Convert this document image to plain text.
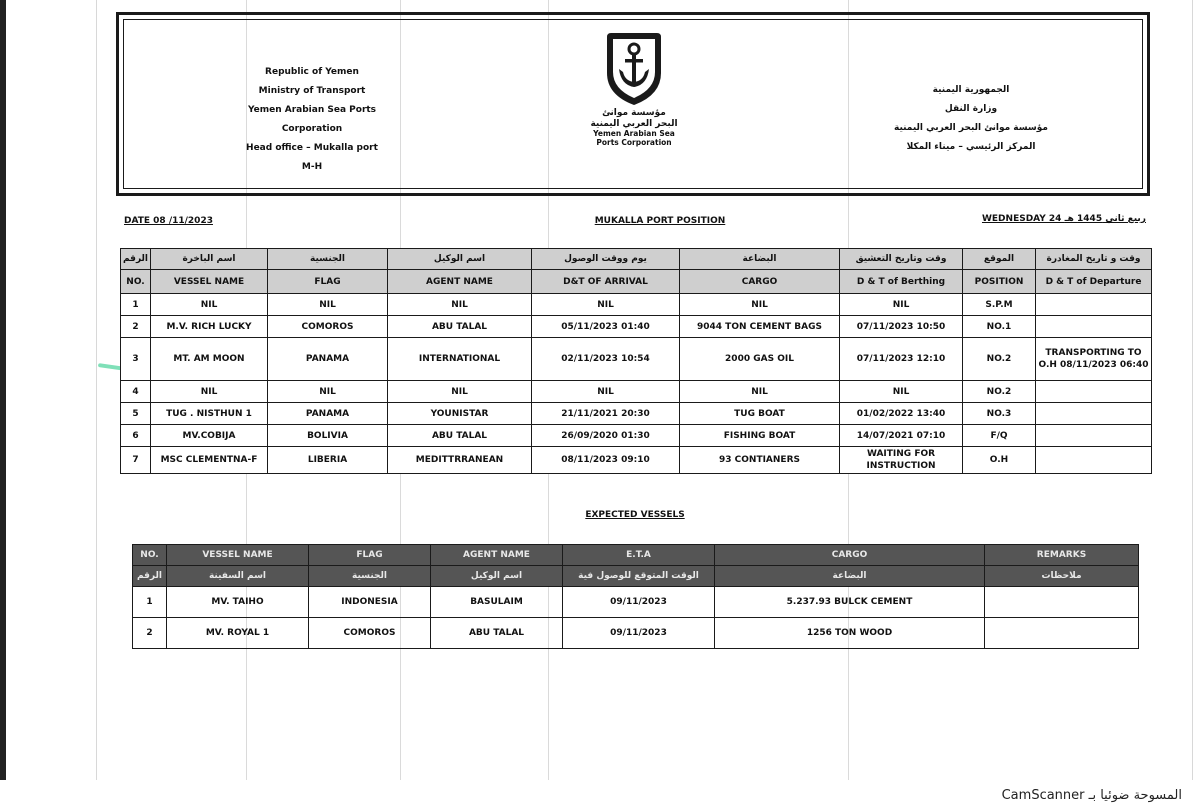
Republic of Yemen
Ministry of Transport
Yemen Arabian Sea Ports Corporation
Head office – Mukalla port
M-H
مؤسسة موانئ
البحر العربي اليمنية
Yemen Arabian Sea
Ports Corporation
الجمهورية اليمنية
وزارة النقل
مؤسسة موانئ البحر العربي اليمنية
المركز الرئيسي – ميناء المكلا
DATE 08 /11/2023	MUKALLA PORT POSITION	WEDNESDAY 24 ربيع ثاني 1445 هـ
الرقم	اسم الباخرة	الجنسية	اسم الوكيل	يوم ووقت الوصول	البضاعة	وقت وتاريخ التعشيق	الموقع	وقت و تاريخ المغادرة
NO.	VESSEL NAME	FLAG	AGENT NAME	D&T OF ARRIVAL	CARGO	D & T of Berthing	POSITION	D & T of Departure
1	NIL	NIL	NIL	NIL	NIL	NIL	S.P.M	
2	M.V. RICH LUCKY	COMOROS	ABU TALAL	05/11/2023 01:40	9044 TON CEMENT BAGS	07/11/2023 10:50	NO.1	
3	MT. AM MOON	PANAMA	INTERNATIONAL	02/11/2023 10:54	2000 GAS OIL	07/11/2023 12:10	NO.2	TRANSPORTING TO O.H 08/11/2023 06:40
4	NIL	NIL	NIL	NIL	NIL	NIL	NO.2	
5	TUG . NISTHUN 1	PANAMA	YOUNISTAR	21/11/2021 20:30	TUG BOAT	01/02/2022 13:40	NO.3	
6	MV.COBIJA	BOLIVIA	ABU TALAL	26/09/2020 01:30	FISHING BOAT	14/07/2021 07:10	F/Q	
7	MSC CLEMENTNA-F	LIBERIA	MEDITTRRANEAN	08/11/2023 09:10	93 CONTIANERS	WAITING FOR INSTRUCTION	O.H	
EXPECTED VESSELS
NO.	VESSEL NAME	FLAG	AGENT NAME	E.T.A	CARGO	REMARKS
الرقم	اسم السفينة	الجنسية	اسم الوكيل	الوقت المتوقع للوصول فية	البضاعة	ملاحظات
1	MV. TAIHO	INDONESIA	BASULAIM	09/11/2023	5.237.93 BULCK CEMENT	
2	MV. ROYAL 1	COMOROS	ABU TALAL	09/11/2023	1256 TON WOOD	
CamScanner المسوحة ضوئيا بـ
